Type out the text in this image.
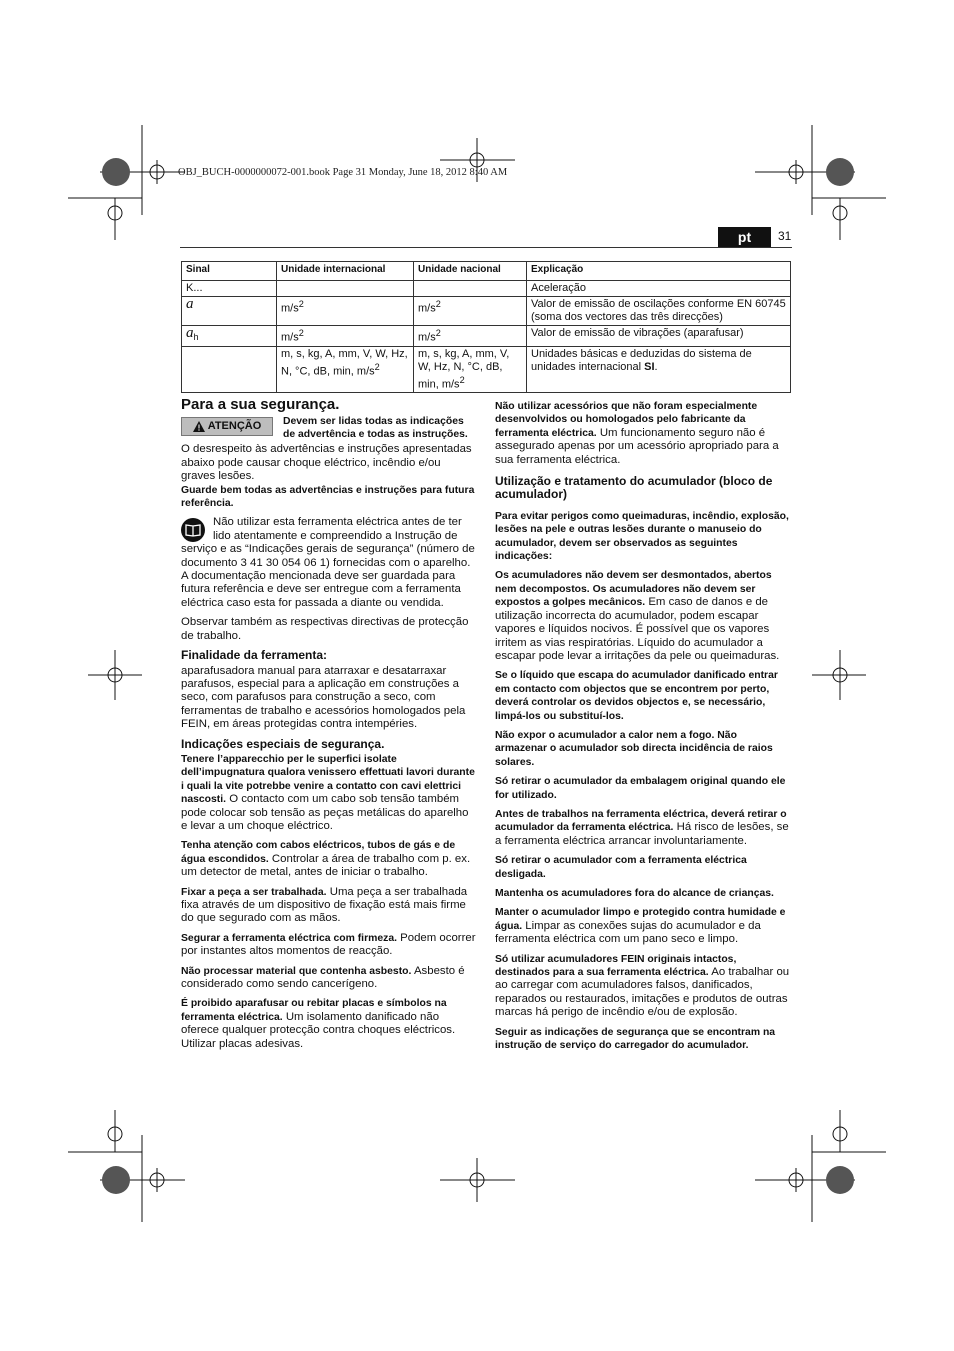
OBJ_BUCH-0000000072-001.book Page 31 Monday, June 18, 2012 8:40 AM
pt	31
Sinal	Unidade internacional	Unidade nacional	Explicação
K...			Aceleração
a	$m/s^2$	$m/s^2$	Valor de emissão de oscilações conforme EN 60745 (soma dos vectores das três direcções)
$a_h$	$m/s^2$	$m/s^2$	Valor de emissão de vibrações (aparafusar)
	m, s, kg, A, mm, V, W, Hz, N, °C, dB, min, $m/s^2$	m, s, kg, A, mm, V, W, Hz, N, °C, dB, min, $m/s^2$	Unidades básicas e deduzidas do sistema de unidades internacional SI.
Para a sua segurança.
ATENÇÃO Devem ser lidas todas as indicações de advertência e todas as instruções.

O desrespeito às advertências e instruções apresentadas abaixo pode causar choque eléctrico, incêndio e/ou graves lesões.

Guarde bem todas as advertências e instruções para futura referência.

Não utilizar esta ferramenta eléctrica antes de ter lido atentamente e compreendido a Instrução de serviço e as “Indicações gerais de segurança” (número de documento 3 41 30 054 06 1) fornecidas com o aparelho. A documentação mencionada deve ser guardada para futura referência e deve ser entregue com a ferramenta eléctrica caso esta for passada a diante ou vendida.

Observar também as respectivas directivas de protecção de trabalho.

Finalidade da ferramenta:

aparafusadora manual para atarraxar e desatarraxar parafusos, especial para a aplicação em construções a seco, com parafusos para construção a seco, com ferramentas de trabalho e acessórios homologados pela FEIN, em áreas protegidas contra intempéries.

Indicações especiais de segurança.

Tenere l’apparecchio per le superfici isolate dell’impugnatura qualora venissero effettuati lavori durante i quali la vite potrebbe venire a contatto con cavi elettrici nascosti. O contacto com um cabo sob tensão também pode colocar sob tensão as peças metálicas do aparelho e levar a um choque eléctrico.

Tenha atenção com cabos eléctricos, tubos de gás e de água escondidos. Controlar a área de trabalho com p. ex. um detector de metal, antes de iniciar o trabalho.

Fixar a peça a ser trabalhada. Uma peça a ser trabalhada fixa através de um dispositivo de fixação está mais firme do que segurado com as mãos.

Segurar a ferramenta eléctrica com firmeza. Podem ocorrer por instantes altos momentos de reacção.

Não processar material que contenha asbesto. Asbesto é considerado como sendo cancerígeno.

É proibido aparafusar ou rebitar placas e símbolos na ferramenta eléctrica. Um isolamento danificado não oferece qualquer protecção contra choques eléctricos. Utilizar placas adesivas.

Não utilizar acessórios que não foram especialmente desenvolvidos ou homologados pelo fabricante da ferramenta eléctrica. Um funcionamento seguro não é assegurado apenas por um acessório apropriado para a sua ferramenta eléctrica.

Utilização e tratamento do acumulador (bloco de acumulador)

Para evitar perigos como queimaduras, incêndio, explosão, lesões na pele e outras lesões durante o manuseio do acumulador, devem ser observados as seguintes indicações:

Os acumuladores não devem ser desmontados, abertos nem decompostos. Os acumuladores não devem ser expostos a golpes mecânicos. Em caso de danos e de utilização incorrecta do acumulador, podem escapar vapores e líquidos nocivos. É possível que os vapores irritem as vias respiratórias. Líquido do acumulador a escapar pode levar a irritações da pele ou queimaduras.

Se o líquido que escapa do acumulador danificado entrar em contacto com objectos que se encontrem por perto, deverá controlar os devidos objectos e, se necessário, limpá-los ou substituí-los.

Não expor o acumulador a calor nem a fogo. Não armazenar o acumulador sob directa incidência de raios solares.

Só retirar o acumulador da embalagem original quando ele for utilizado.

Antes de trabalhos na ferramenta eléctrica, deverá retirar o acumulador da ferramenta eléctrica. Há risco de lesões, se a ferramenta eléctrica arrancar involuntariamente.

Só retirar o acumulador com a ferramenta eléctrica desligada.

Mantenha os acumuladores fora do alcance de crianças.

Manter o acumulador limpo e protegido contra humidade e água. Limpar as conexões sujas do acumulador e da ferramenta eléctrica com um pano seco e limpo.

Só utilizar acumuladores FEIN originais intactos, destinados para a sua ferramenta eléctrica. Ao trabalhar ou ao carregar com acumuladores falsos, danificados, reparados ou restaurados, imitações e produtos de outras marcas há perigo de incêndio e/ou de explosão.

Seguir as indicações de segurança que se encontram na instrução de serviço do carregador do acumulador.
